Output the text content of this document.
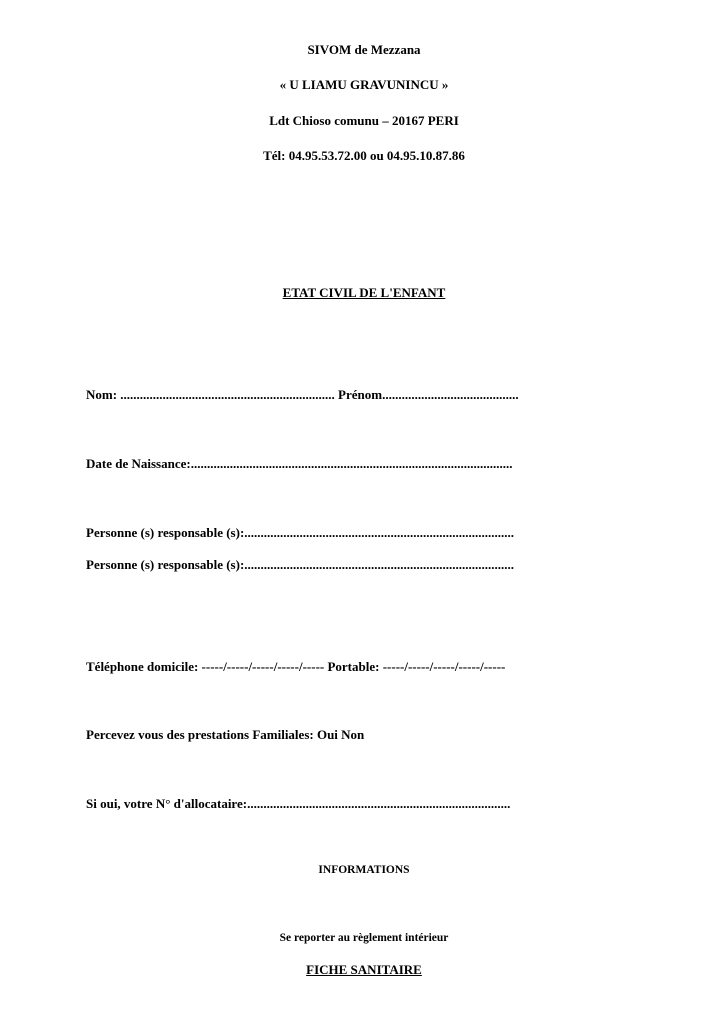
SIVOM de Mezzana
« U LIAMU GRAVUNINCU »
Ldt Chioso comunu – 20167 PERI
Tél: 04.95.53.72.00 ou 04.95.10.87.86
ETAT CIVIL DE L'ENFANT
Nom: .................................................................. Prénom..........................................
Date de Naissance:...................................................................................................
Personne (s) responsable (s):...................................................................................
Personne (s) responsable (s):...................................................................................
Téléphone domicile: -----/-----/-----/-----/----- Portable: -----/-----/-----/-----/-----
Percevez vous des prestations Familiales: Oui Non
Si oui, votre N° d'allocataire:.................................................................................
INFORMATIONS
Se reporter au règlement intérieur
FICHE SANITAIRE
